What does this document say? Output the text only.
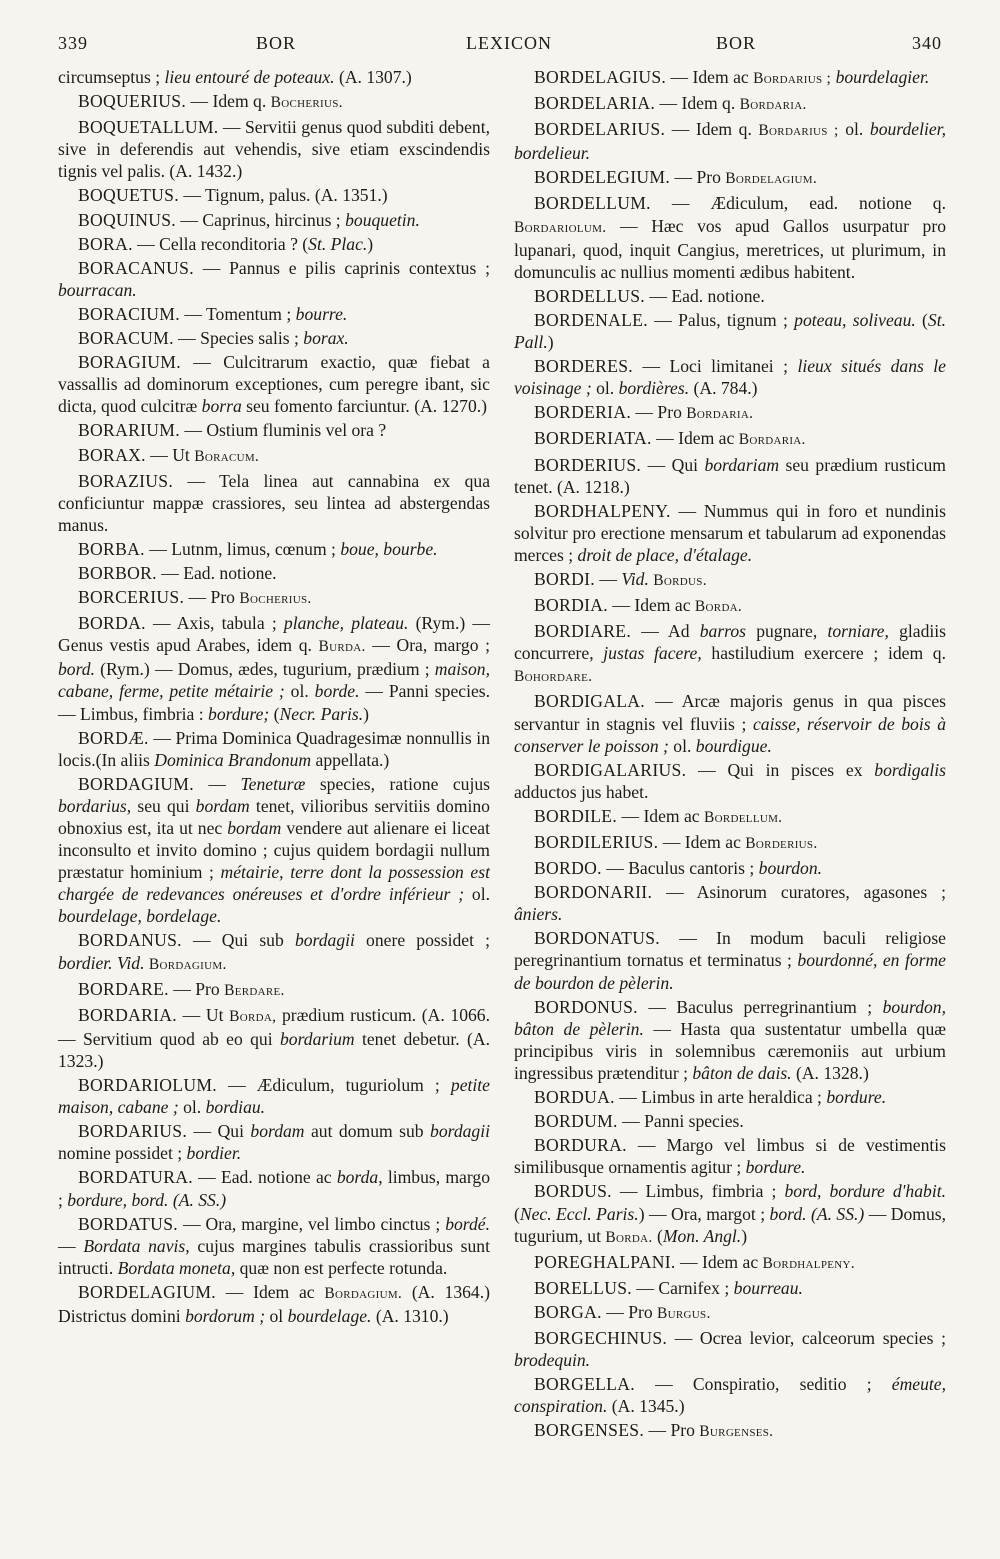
339	BOR	LEXICON	BOR	340

circumseptus ; lieu entouré de poteaux. (A. 1307.)

BOQUERIUS. — Idem q. Bocherius.

BOQUETALLUM. — Servitii genus quod subditi debent, sive in deferendis aut vehendis, sive etiam exscindendis tignis vel palis. (A. 1432.)

BOQUETUS. — Tignum, palus. (A. 1351.)

BOQUINUS. — Caprinus, hircinus ; bouquetin.

BORA. — Cella reconditoria ? (St. Plac.)

BORACANUS. — Pannus e pilis caprinis contextus ; bourracan.

BORACIUM. — Tomentum ; bourre.

BORACUM. — Species salis ; borax.

BORAGIUM. — Culcitrarum exactio, quæ fiebat a vassallis ad dominorum exceptiones, cum peregre ibant, sic dicta, quod culcitræ borra seu fomento farciuntur. (A. 1270.)

BORARIUM. — Ostium fluminis vel ora ?

BORAX. — Ut Boracum.

BORAZIUS. — Tela linea aut cannabina ex qua conficiuntur mappæ crassiores, seu lintea ad abstergendas manus.

BORBA. — Lutnm, limus, cœnum ; boue, bourbe.

BORBOR. — Ead. notione.

BORCERIUS. — Pro Bocherius.

BORDA. — Axis, tabula ; planche, plateau. (Rym.) — Genus vestis apud Arabes, idem q. Burda. — Ora, margo ; bord. (Rym.) — Domus, ædes, tugurium, prædium ; maison, cabane, ferme, petite métairie ; ol. borde. — Panni species. — Limbus, fimbria : bordure; (Necr. Paris.)

BORDÆ. — Prima Dominica Quadragesimæ nonnullis in locis.(In aliis Dominica Brandonum appellata.)

BORDAGIUM. — Teneturæ species, ratione cujus bordarius, seu qui bordam tenet, vilioribus servitiis domino obnoxius est, ita ut nec bordam vendere aut alienare ei liceat inconsulto et invito domino ; cujus quidem bordagii nullum præstatur hominium ; métairie, terre dont la possession est chargée de redevances onéreuses et d'ordre inférieur ; ol. bourdelage, bordelage.

BORDANUS. — Qui sub bordagii onere possidet ; bordier. Vid. Bordagium.

BORDARE. — Pro Berdare.

BORDARIA. — Ut Borda, prædium rusticum. (A. 1066. — Servitium quod ab eo qui bordarium tenet debetur. (A. 1323.)

BORDARIOLUM. — Ædiculum, tuguriolum ; petite maison, cabane ; ol. bordiau.

BORDARIUS. — Qui bordam aut domum sub bordagii nomine possidet ; bordier.

BORDATURA. — Ead. notione ac borda, limbus, margo ; bordure, bord. (A. SS.)

BORDATUS. — Ora, margine, vel limbo cinctus ; bordé. — Bordata navis, cujus margines tabulis crassioribus sunt intructi. Bordata moneta, quæ non est perfecte rotunda.

BORDELAGIUM. — Idem ac Bordagium. (A. 1364.) Districtus domini bordorum ; ol bourdelage. (A. 1310.)

BORDELAGIUS. — Idem ac Bordarius ; bourdelagier.

BORDELARIA. — Idem q. Bordaria.

BORDELARIUS. — Idem q. Bordarius ; ol. bourdelier, bordelieur.

BORDELEGIUM. — Pro Bordelagium.

BORDELLUM. — Ædiculum, ead. notione q. Bordariolum. — Hæc vos apud Gallos usurpatur pro lupanari, quod, inquit Cangius, meretrices, ut plurimum, in domunculis ac nullius momenti ædibus habitent.

BORDELLUS. — Ead. notione.

BORDENALE. — Palus, tignum ; poteau, soliveau. (St. Pall.)

BORDERES. — Loci limitanei ; lieux situés dans le voisinage ; ol. bordières. (A. 784.)

BORDERIA. — Pro Bordaria.

BORDERIATA. — Idem ac Bordaria.

BORDERIUS. — Qui bordariam seu prædium rusticum tenet. (A. 1218.)

BORDHALPENY. — Nummus qui in foro et nundinis solvitur pro erectione mensarum et tabularum ad exponendas merces ; droit de place, d'étalage.

BORDI. — Vid. Bordus.

BORDIA. — Idem ac Borda.

BORDIARE. — Ad barros pugnare, torniare, gladiis concurrere, justas facere, hastiludium exercere ; idem q. Bohordare.

BORDIGALA. — Arcæ majoris genus in qua pisces servantur in stagnis vel fluviis ; caisse, réservoir de bois à conserver le poisson ; ol. bourdigue.

BORDIGALARIUS. — Qui in pisces ex bordigalis adductos jus habet.

BORDILE. — Idem ac Bordellum.

BORDILERIUS. — Idem ac Borderius.

BORDO. — Baculus cantoris ; bourdon.

BORDONARII. — Asinorum curatores, agasones ; âniers.

BORDONATUS. — In modum baculi religiose peregrinantium tornatus et terminatus ; bourdonné, en forme de bourdon de pèlerin.

BORDONUS. — Baculus perregrinantium ; bourdon, bâton de pèlerin. — Hasta qua sustentatur umbella quæ principibus viris in solemnibus cæremoniis aut urbium ingressibus prætenditur ; bâton de dais. (A. 1328.)

BORDUA. — Limbus in arte heraldica ; bordure.

BORDUM. — Panni species.

BORDURA. — Margo vel limbus si de vestimentis similibusque ornamentis agitur ; bordure.

BORDUS. — Limbus, fimbria ; bord, bordure d'habit. (Nec. Eccl. Paris.) — Ora, margot ; bord. (A. SS.) — Domus, tugurium, ut Borda. (Mon. Angl.)

POREGHALPANI. — Idem ac Bordhalpeny.

BORELLUS. — Carnifex ; bourreau.

BORGA. — Pro Burgus.

BORGECHINUS. — Ocrea levior, calceorum species ; brodequin.

BORGELLA. — Conspiratio, seditio ; émeute, conspiration. (A. 1345.)

BORGENSES. — Pro Burgenses.
